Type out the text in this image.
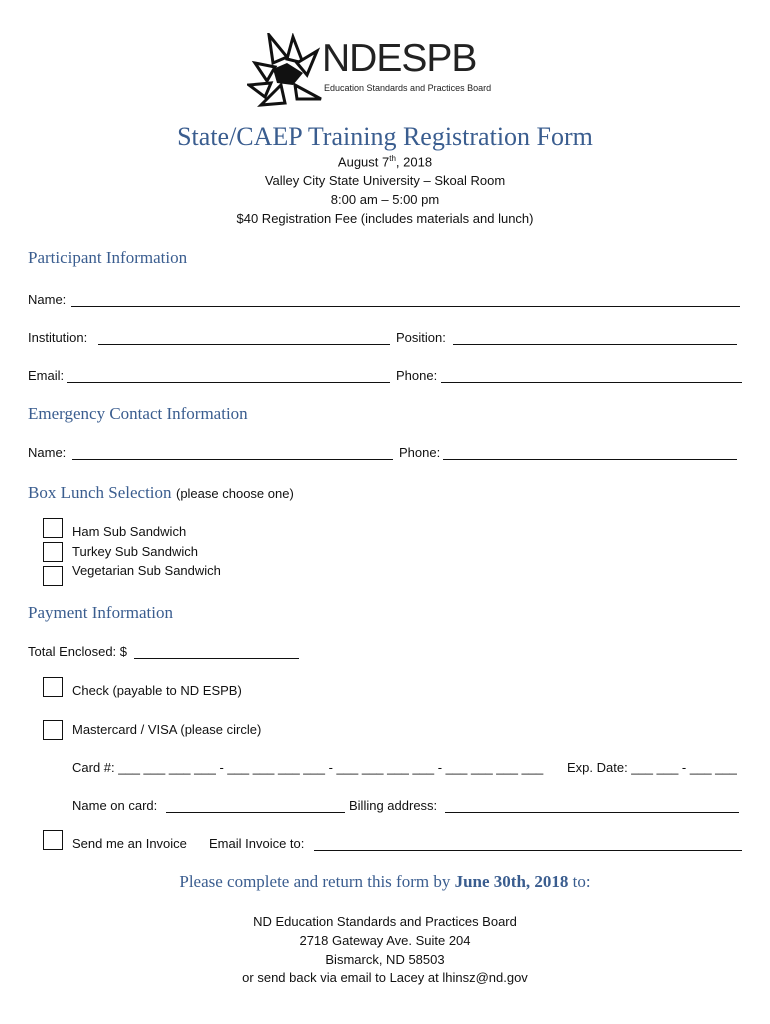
NDESPB
Education Standards and Practices Board
State/CAEP Training Registration Form
August 7th, 2018
Valley City State University – Skoal Room
8:00 am – 5:00 pm
$40 Registration Fee (includes materials and lunch)
Participant Information
Name:
Institution:	Position:
Email:	Phone:
Emergency Contact Information
Name:	Phone:
Box Lunch Selection (please choose one)
Ham Sub Sandwich
Turkey Sub Sandwich
Vegetarian Sub Sandwich
Payment Information
Total Enclosed: $
Check (payable to ND ESPB)
Mastercard / VISA (please circle)
Card #: ___ ___ ___ ___ - ___ ___ ___ ___ - ___ ___ ___ ___ - ___ ___ ___ ___ Exp. Date: ___ ___ - ___ ___
Name on card:	Billing address:
Send me an Invoice Email Invoice to:
Please complete and return this form by June 30th, 2018 to:
ND Education Standards and Practices Board
2718 Gateway Ave. Suite 204
Bismarck, ND 58503
or send back via email to Lacey at lhinsz@nd.gov
